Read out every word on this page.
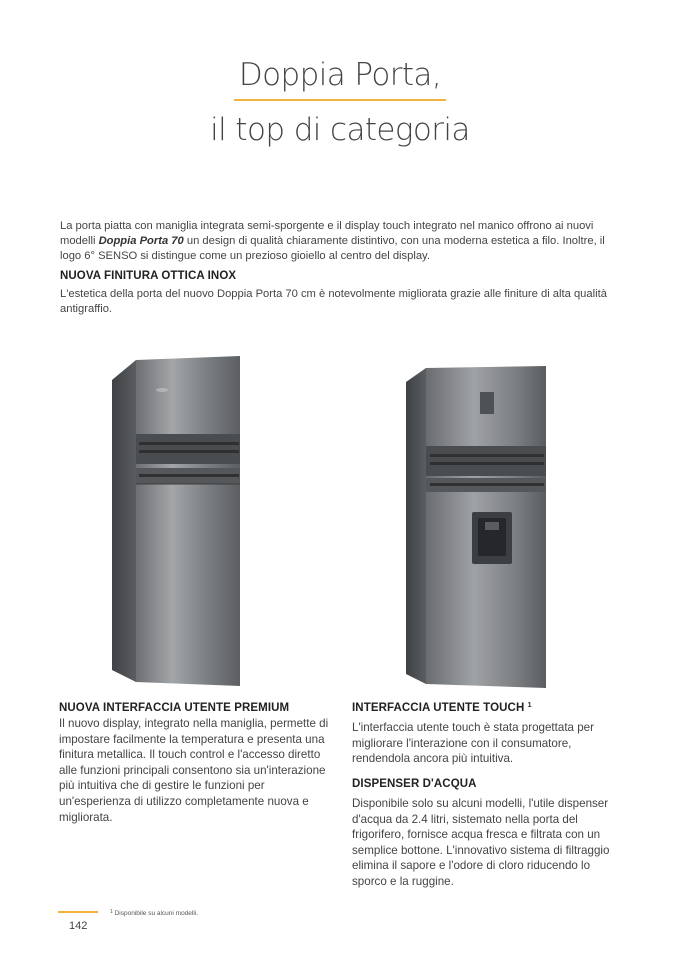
Doppia Porta,
il top di categoria
La porta piatta con maniglia integrata semi-sporgente e il display touch integrato nel manico offrono ai nuovi modelli Doppia Porta 70 un design di qualità chiaramente distintivo, con una moderna estetica a filo. Inoltre, il logo 6° SENSO si distingue come un prezioso gioiello al centro del display.
NUOVA FINITURA OTTICA INOX
L'estetica della porta del nuovo Doppia Porta 70 cm è notevolmente migliorata grazie alle finiture di alta qualità antigraffio.
NUOVA INTERFACCIA UTENTE PREMIUM
Il nuovo display, integrato nella maniglia, permette di impostare facilmente la temperatura e presenta una finitura metallica. Il touch control e l'accesso diretto alle funzioni principali consentono sia un'interazione più intuitiva che di gestire le funzioni per un'esperienza di utilizzo completamente nuova e migliorata.
INTERFACCIA UTENTE TOUCH $^1$
L'interfaccia utente touch è stata progettata per migliorare l'interazione con il consumatore, rendendola ancora più intuitiva.
DISPENSER D'ACQUA
Disponibile solo su alcuni modelli, l'utile dispenser d'acqua da 2.4 litri, sistemato nella porta del frigorifero, fornisce acqua fresca e filtrata con un semplice bottone. L'innovativo sistema di filtraggio elimina il sapore e l'odore di cloro riducendo lo sporco e la ruggine.
$^1$ Disponibile su alcuni modelli.
142
